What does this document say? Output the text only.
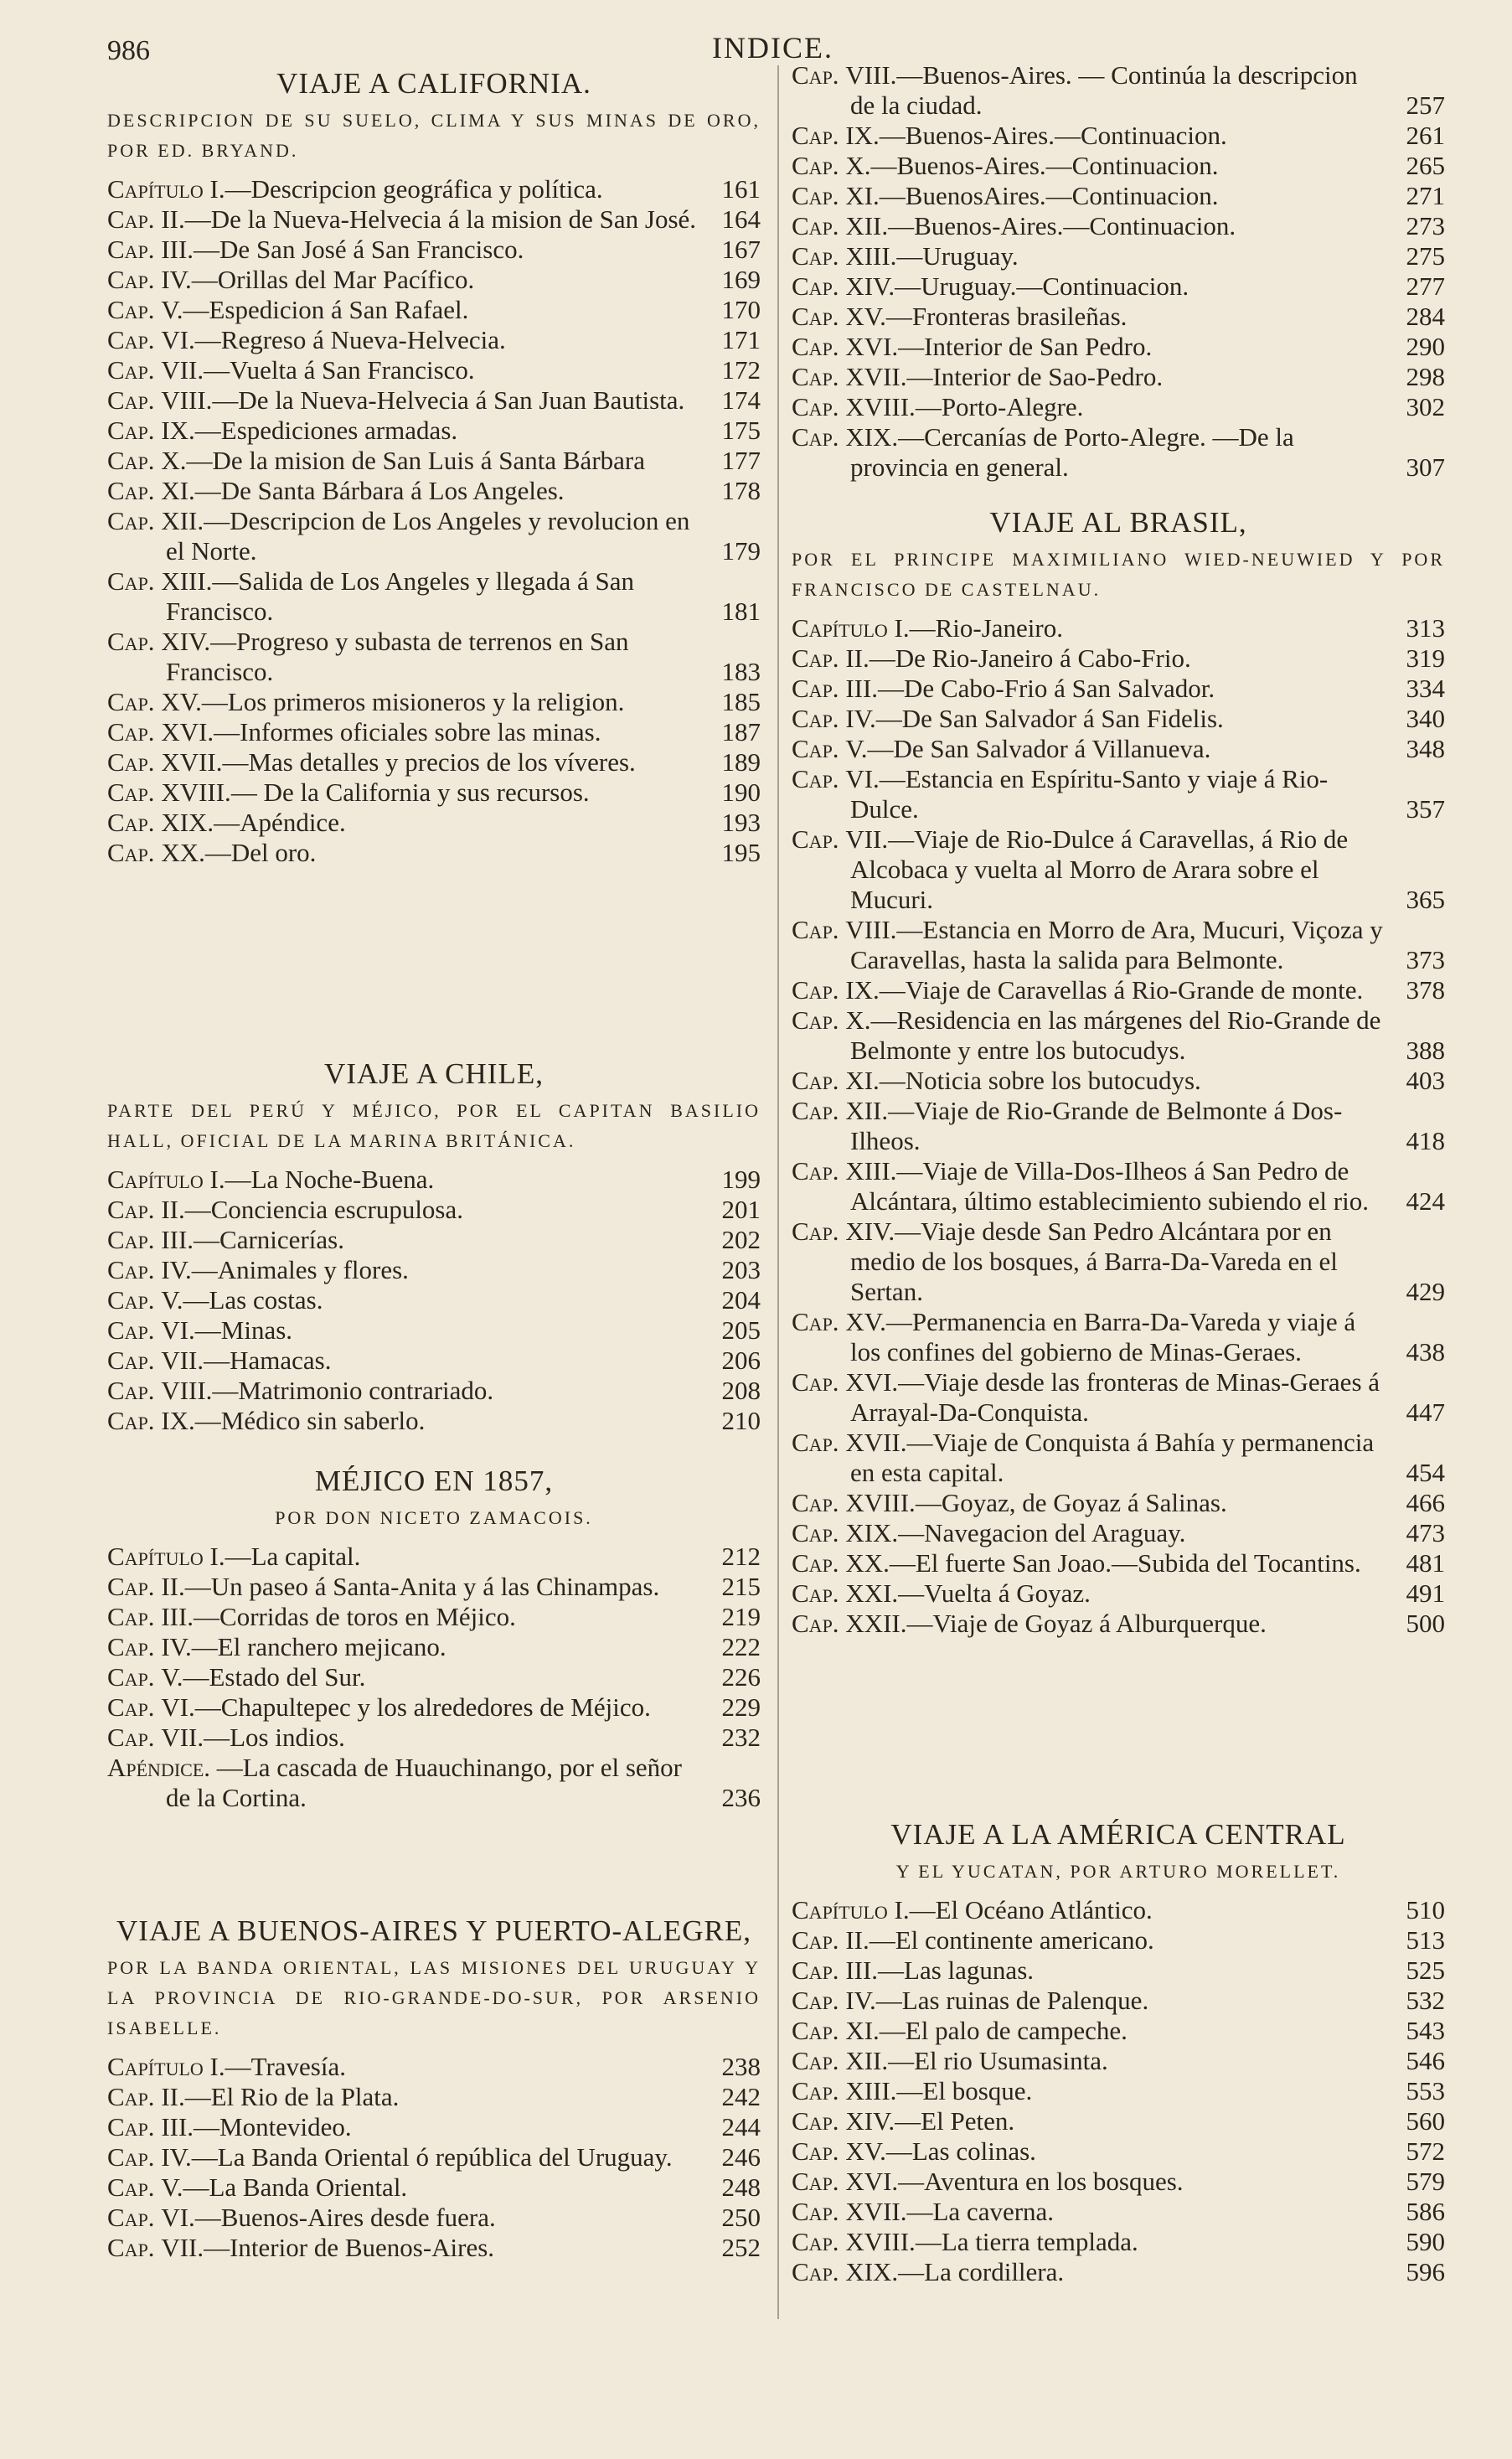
986	INDICE.
VIAJE A CALIFORNIA.
DESCRIPCION DE SU SUELO, CLIMA Y SUS MINAS DE ORO, POR ED. BRYAND.
Capítulo I.—Descripcion geográfica y política.	161
Cap. II.—De la Nueva-Helvecia á la mision de San José. 164
Cap. III.—De San José á San Francisco.	167
Cap. IV.—Orillas del Mar Pacífico.	169
Cap. V.—Espedicion á San Rafael.	170
Cap. VI.—Regreso á Nueva-Helvecia.	171
Cap. VII.—Vuelta á San Francisco.	172
Cap. VIII.—De la Nueva-Helvecia á San Juan Bautista. 174
Cap. IX.—Espediciones armadas.	175
Cap. X.—De la mision de San Luis á Santa Bárbara	177
Cap. XI.—De Santa Bárbara á Los Angeles.	178
Cap. XII.—Descripcion de Los Angeles y revolucion en el Norte.	179
Cap. XIII.—Salida de Los Angeles y llegada á San Francisco.	181
Cap. XIV.—Progreso y subasta de terrenos en San Francisco.	183
Cap. XV.—Los primeros misioneros y la religion.	185
Cap. XVI.—Informes oficiales sobre las minas.	187
Cap. XVII.—Mas detalles y precios de los víveres.	189
Cap. XVIII.— De la California y sus recursos.	190
Cap. XIX.—Apéndice.	193
Cap. XX.—Del oro.	195
VIAJE A CHILE,
PARTE DEL PERÚ Y MÉJICO, POR EL CAPITAN BASILIO HALL, OFICIAL DE LA MARINA BRITÁNICA.
Capítulo I.—La Noche-Buena.	199
Cap. II.—Conciencia escrupulosa.	201
Cap. III.—Carnicerías.	202
Cap. IV.—Animales y flores.	203
Cap. V.—Las costas.	204
Cap. VI.—Minas.	205
Cap. VII.—Hamacas.	206
Cap. VIII.—Matrimonio contrariado.	208
Cap. IX.—Médico sin saberlo.	210
MÉJICO EN 1857,
POR DON NICETO ZAMACOIS.
Capítulo I.—La capital.	212
Cap. II.—Un paseo á Santa-Anita y á las Chinampas. 215
Cap. III.—Corridas de toros en Méjico.	219
Cap. IV.—El ranchero mejicano.	222
Cap. V.—Estado del Sur.	226
Cap. VI.—Chapultepec y los alrededores de Méjico.	229
Cap. VII.—Los indios.	232
Apéndice. —La cascada de Huauchinango, por el señor de la Cortina.	236
VIAJE A BUENOS-AIRES Y PUERTO-ALEGRE,
POR LA BANDA ORIENTAL, LAS MISIONES DEL URUGUAY Y LA PROVINCIA DE RIO-GRANDE-DO-SUR, POR ARSENIO ISABELLE.
Capítulo I.—Travesía.	238
Cap. II.—El Rio de la Plata.	242
Cap. III.—Montevideo.	244
Cap. IV.—La Banda Oriental ó república del Uruguay. 246
Cap. V.—La Banda Oriental.	248
Cap. VI.—Buenos-Aires desde fuera.	250
Cap. VII.—Interior de Buenos-Aires.	252
Cap. VIII.—Buenos-Aires. — Continúa la descripcion de la ciudad.	257
Cap. IX.—Buenos-Aires.—Continuacion.	261
Cap. X.—Buenos-Aires.—Continuacion.	265
Cap. XI.—BuenosAires.—Continuacion.	271
Cap. XII.—Buenos-Aires.—Continuacion.	273
Cap. XIII.—Uruguay.	275
Cap. XIV.—Uruguay.—Continuacion.	277
Cap. XV.—Fronteras brasileñas.	284
Cap. XVI.—Interior de San Pedro.	290
Cap. XVII.—Interior de Sao-Pedro.	298
Cap. XVIII.—Porto-Alegre.	302
Cap. XIX.—Cercanías de Porto-Alegre. —De la provincia en general.	307
VIAJE AL BRASIL,
POR EL PRINCIPE MAXIMILIANO WIED-NEUWIED Y POR FRANCISCO DE CASTELNAU.
Capítulo I.—Rio-Janeiro.	313
Cap. II.—De Rio-Janeiro á Cabo-Frio.	319
Cap. III.—De Cabo-Frio á San Salvador.	334
Cap. IV.—De San Salvador á San Fidelis.	340
Cap. V.—De San Salvador á Villanueva.	348
Cap. VI.—Estancia en Espíritu-Santo y viaje á Rio-Dulce.	357
Cap. VII.—Viaje de Rio-Dulce á Caravellas, á Rio de Alcobaca y vuelta al Morro de Arara sobre el Mucuri.	365
Cap. VIII.—Estancia en Morro de Ara, Mucuri, Viçoza y Caravellas, hasta la salida para Belmonte.	373
Cap. IX.—Viaje de Caravellas á Rio-Grande de monte. 378
Cap. X.—Residencia en las márgenes del Rio-Grande de Belmonte y entre los butocudys.	388
Cap. XI.—Noticia sobre los butocudys.	403
Cap. XII.—Viaje de Rio-Grande de Belmonte á Dos-Ilheos.	418
Cap. XIII.—Viaje de Villa-Dos-Ilheos á San Pedro de Alcántara, último establecimiento subiendo el rio. 424
Cap. XIV.—Viaje desde San Pedro Alcántara por en medio de los bosques, á Barra-Da-Vareda en el Sertan.	429
Cap. XV.—Permanencia en Barra-Da-Vareda y viaje á los confines del gobierno de Minas-Geraes.	438
Cap. XVI.—Viaje desde las fronteras de Minas-Geraes á Arrayal-Da-Conquista.	447
Cap. XVII.—Viaje de Conquista á Bahía y permanencia en esta capital.	454
Cap. XVIII.—Goyaz, de Goyaz á Salinas.	466
Cap. XIX.—Navegacion del Araguay.	473
Cap. XX.—El fuerte San Joao.—Subida del Tocantins. 481
Cap. XXI.—Vuelta á Goyaz.	491
Cap. XXII.—Viaje de Goyaz á Alburquerque.	500
VIAJE A LA AMÉRICA CENTRAL
Y EL YUCATAN, POR ARTURO MORELLET.
Capítulo I.—El Océano Atlántico.	510
Cap. II.—El continente americano.	513
Cap. III.—Las lagunas.	525
Cap. IV.—Las ruinas de Palenque.	532
Cap. XI.—El palo de campeche.	543
Cap. XII.—El rio Usumasinta.	546
Cap. XIII.—El bosque.	553
Cap. XIV.—El Peten.	560
Cap. XV.—Las colinas.	572
Cap. XVI.—Aventura en los bosques.	579
Cap. XVII.—La caverna.	586
Cap. XVIII.—La tierra templada.	590
Cap. XIX.—La cordillera.	596
